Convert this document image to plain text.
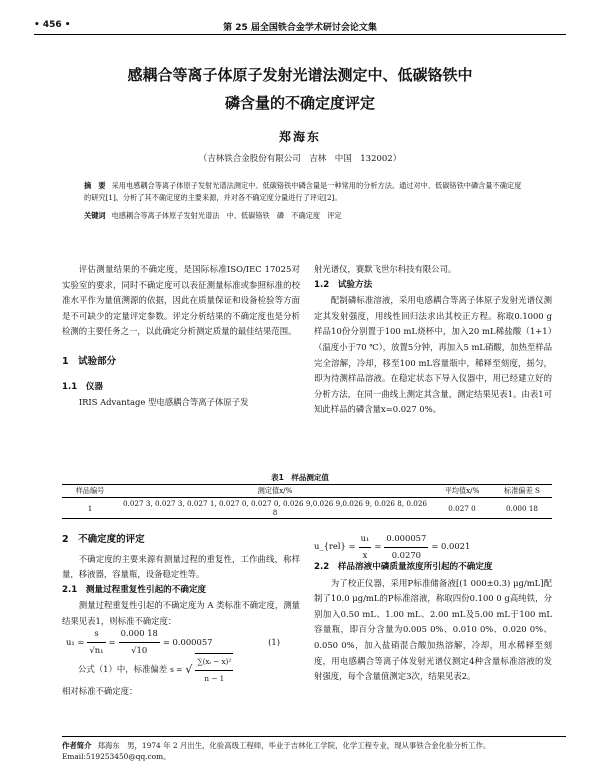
• 456 •	第 25 届全国铁合金学术研讨会论文集
感耦合等离子体原子发射光谱法测定中、低碳铬铁中
磷含量的不确定度评定
郑海东
（吉林铁合金股份有限公司　吉林　中国　132002）
摘　要 采用电感耦合等离子体原子发射光谱法测定中、低碳铬铁中磷含量是一种常用的分析方法。通过对中、低碳铬铁中磷含量不确定度的研究[1]，分析了其不确定度的主要来源，并对各不确定度分量进行了评定[2]。
关键词 电感耦合等离子体原子发射光谱法　中、低碳铬铁　磷　不确定度　评定

评估测量结果的不确定度，是国际标准ISO/IEC 17025对实验室的要求，同时不确定度可以表征测量标准或参照标准的校准水平作为量值溯源的依据，因此在质量保证和设备检验等方面是不可缺少的定量评定参数。评定分析结果的不确定度也是分析检测的主要任务之一，以此确定分析测定质量的最佳结果范围。

1　试验部分
1.1　仪器

IRIS Advantage 型电感耦合等离子体原子发

射光谱仪，赛默飞世尔科技有限公司。
1.2　试验方法

配制磷标准溶液，采用电感耦合等离子体原子发射光谱仪测定其发射强度，用线性回归法求出其校正方程。称取0.1000 g样品10份分别置于100 mL烧杯中，加入20 mL稀盐酸（1+1）（温度小于70 ℃），放置5分钟，再加入5 mL硝酸，加热至样品完全溶解，冷却，移至100 mL容量瓶中，稀释至刻度，摇匀，即为待测样品溶液。在稳定状态下导入仪器中，用已经建立好的分析方法，在同一曲线上测定其含量，测定结果见表1。由表1可知此样品的磷含量x=0.027 0%。

表1　样品测定值
样品编号	测定值x/%	平均值x/%	标准偏差 S
1	0.027 3, 0.027 3, 0.027 1, 0.027 0, 0.027 0, 0.026 9,0.026 9,0.026 9, 0.026 8, 0.026 8	0.027 0	0.000 18
2　不确定度的评定

不确定度的主要来源有测量过程的重复性，工作曲线，称样量，移液器，容量瓶，设备稳定性等。

2.1　测量过程重复性引起的不确定度

测量过程重复性引起的不确定度为 A 类标准不确定度，测量结果见表1，则标准不确定度：

$u_1 = \frac{s}{\text{√n₁}} = \frac{0.000 18}{√10} = 0.000057$	(1)
公式（1）中，标准偏差 s = √ $\frac{\text{∑(xᵢ − x)²}}{n - 1}$
相对标准不确定度：
u_{rel} = $\frac{\text{u₁}}{x} = \frac{0.000057}{0.0270} = 0.0021$
2.2　样品溶液中磷质量浓度所引起的不确定度

为了校正仪器，采用P标准储备液[(1 000±0.3) μg/mL]配制了10.0 μg/mL的P标准溶液，称取四份0.100 0 g高纯铁，分别加入0.50 mL、1.00 mL、2.00 mL及5.00 mL于100 mL容量瓶，即百分含量为0.005 0%、0.010 0%、0.020 0%、0.050 0%，加入盐硝混合酸加热溶解，冷却，用水稀释至刻度，用电感耦合等离子体发射光谱仪测定4种含量标准溶液的发射强度，每个含量值测定3次，结果见表2。

作者简介 郑海东　男，1974 年 2 月出生，化验高级工程师，毕业于吉林化工学院，化学工程专业，现从事铁合金化验分析工作。Email:519253450@qq.com。
